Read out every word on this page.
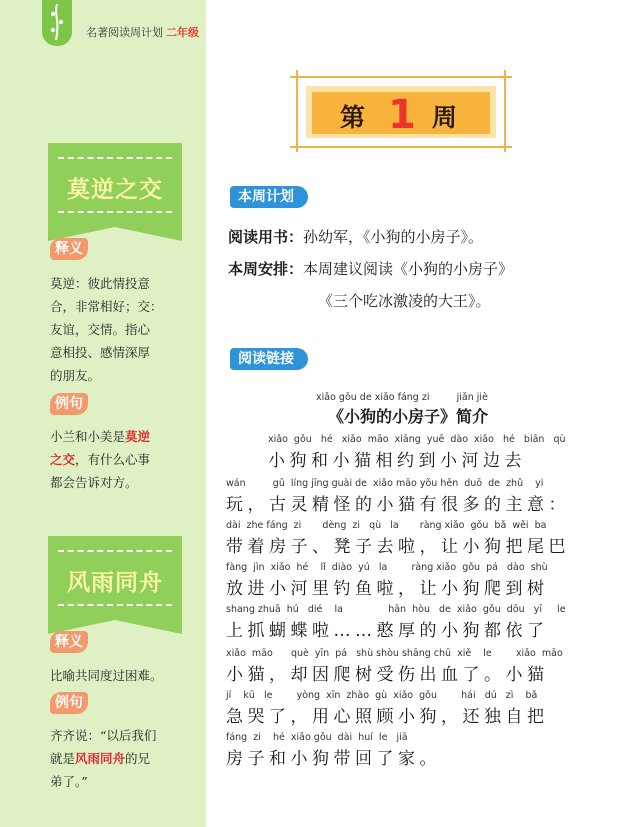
名著阅读周计划 二年级
莫逆之交
释义
莫逆：彼此情投意
合，非常相好；交：
友谊，交情。指心
意相投、感情深厚
的朋友。
例句
小兰和小美是莫逆
之交，有什么心事
都会告诉对方。
风雨同舟
释义
比喻共同度过困难。
例句
齐齐说：“以后我们
就是风雨同舟的兄
弟了。”
第 1 周
本周计划
阅读用书：孙幼军，《小狗的小房子》。
本周安排：本周建议阅读《小狗的小房子》
《三个吃冰激凌的大王》。
阅读链接
xiǎo gǒu de xiǎo fáng zi         jiǎn jiè
《小狗的小房子》简介
xiǎo  gǒu   hé   xiǎo  māo  xiāng  yuē  dào  xiǎo   hé   biān   qù
小狗和小猫相约到小河边去
wán         gǔ  líng jīng guài de  xiǎo māo yǒu hěn  duō  de  zhǔ    yi
玩，古灵精怪的小猫有很多的主意：
dài  zhe fáng  zi       dèng  zi   qù   la       ràng xiǎo  gǒu  bǎ  wěi  ba
带着房子、凳子去啦，让小狗把尾巴
fàng  jìn  xiǎo  hé    lǐ  diào  yú   la        ràng xiǎo  gǒu  pá   dào  shù
放进小河里钓鱼啦，让小狗爬到树
shang zhuā  hú   dié    la               hān  hòu   de  xiǎo  gǒu  dōu   yī     le
上抓蝴蝶啦……憨厚的小狗都依了
xiǎo  māo      què  yīn  pá   shù shòu shāng chū  xiě    le        xiǎo  māo
小猫，却因爬树受伤出血了。小猫
jí    kū   le        yòng  xīn  zhào  gù  xiǎo  gǒu        hái   dú   zì    bǎ
急哭了，用心照顾小狗，还独自把
fáng  zi    hé  xiǎo gǒu  dài  huí  le   jiā
房子和小狗带回了家。
